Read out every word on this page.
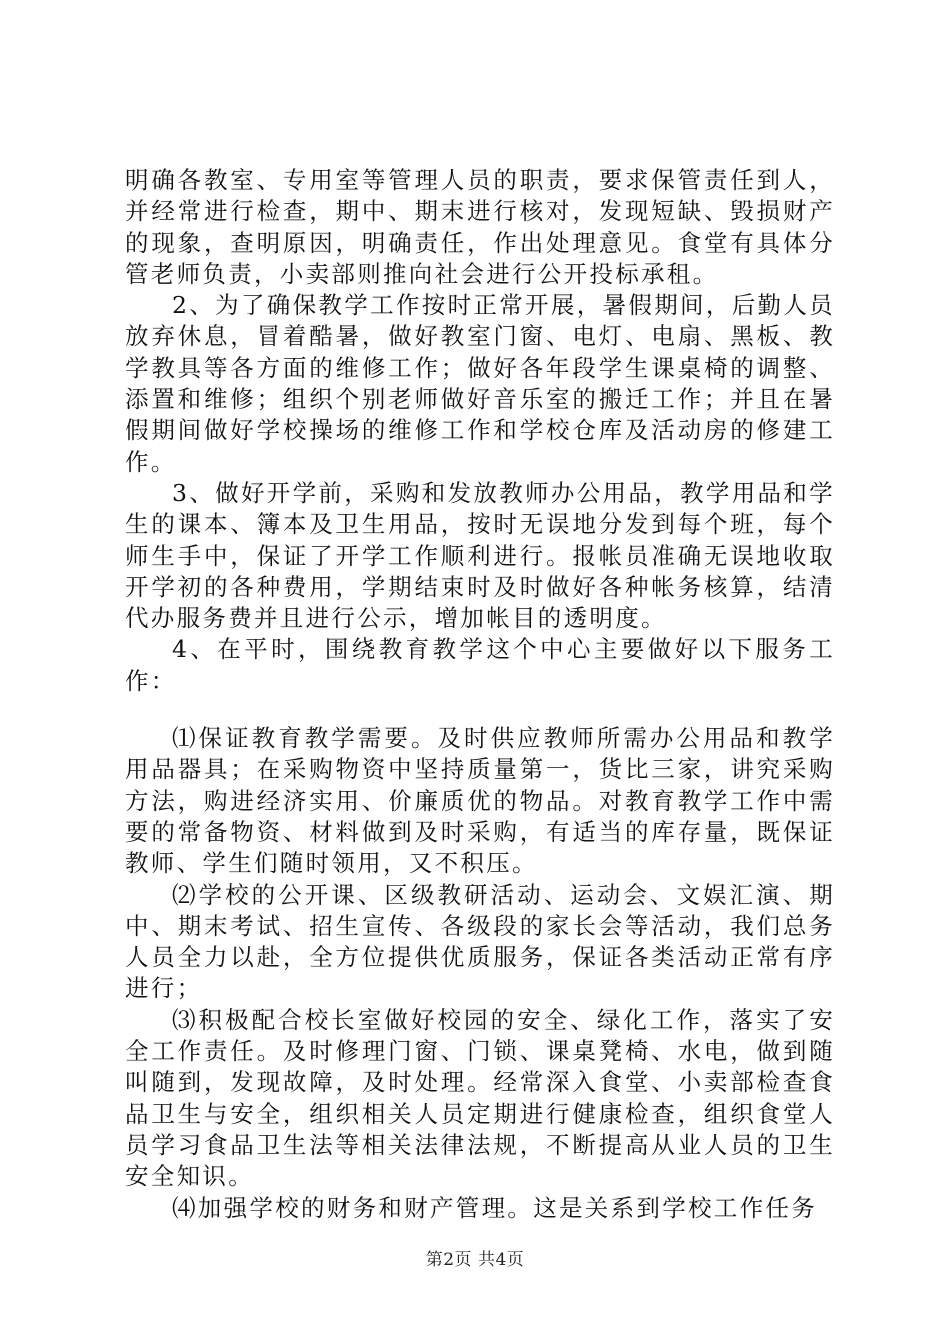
明确各教室、专用室等管理人员的职责，要求保管责任到人，并经常进行检查，期中、期末进行核对，发现短缺、毁损财产的现象，查明原因，明确责任，作出处理意见。食堂有具体分管老师负责，小卖部则推向社会进行公开投标承租。

2、为了确保教学工作按时正常开展，暑假期间，后勤人员放弃休息，冒着酷暑，做好教室门窗、电灯、电扇、黑板、教学教具等各方面的维修工作；做好各年段学生课桌椅的调整、添置和维修；组织个别老师做好音乐室的搬迁工作；并且在暑假期间做好学校操场的维修工作和学校仓库及活动房的修建工作。

3、做好开学前，采购和发放教师办公用品，教学用品和学生的课本、簿本及卫生用品，按时无误地分发到每个班，每个师生手中，保证了开学工作顺利进行。报帐员准确无误地收取开学初的各种费用，学期结束时及时做好各种帐务核算，结清代办服务费并且进行公示，增加帐目的透明度。

4、在平时，围绕教育教学这个中心主要做好以下服务工作：

⑴保证教育教学需要。及时供应教师所需办公用品和教学用品器具；在采购物资中坚持质量第一，货比三家，讲究采购方法，购进经济实用、价廉质优的物品。对教育教学工作中需要的常备物资、材料做到及时采购，有适当的库存量，既保证教师、学生们随时领用，又不积压。

⑵学校的公开课、区级教研活动、运动会、文娱汇演、期中、期末考试、招生宣传、各级段的家长会等活动，我们总务人员全力以赴，全方位提供优质服务，保证各类活动正常有序进行；

⑶积极配合校长室做好校园的安全、绿化工作，落实了安全工作责任。及时修理门窗、门锁、课桌凳椅、水电，做到随叫随到，发现故障，及时处理。经常深入食堂、小卖部检查食品卫生与安全，组织相关人员定期进行健康检查，组织食堂人员学习食品卫生法等相关法律法规，不断提高从业人员的卫生安全知识。

⑷加强学校的财务和财产管理。这是关系到学校工作任务

第2页 共4页
